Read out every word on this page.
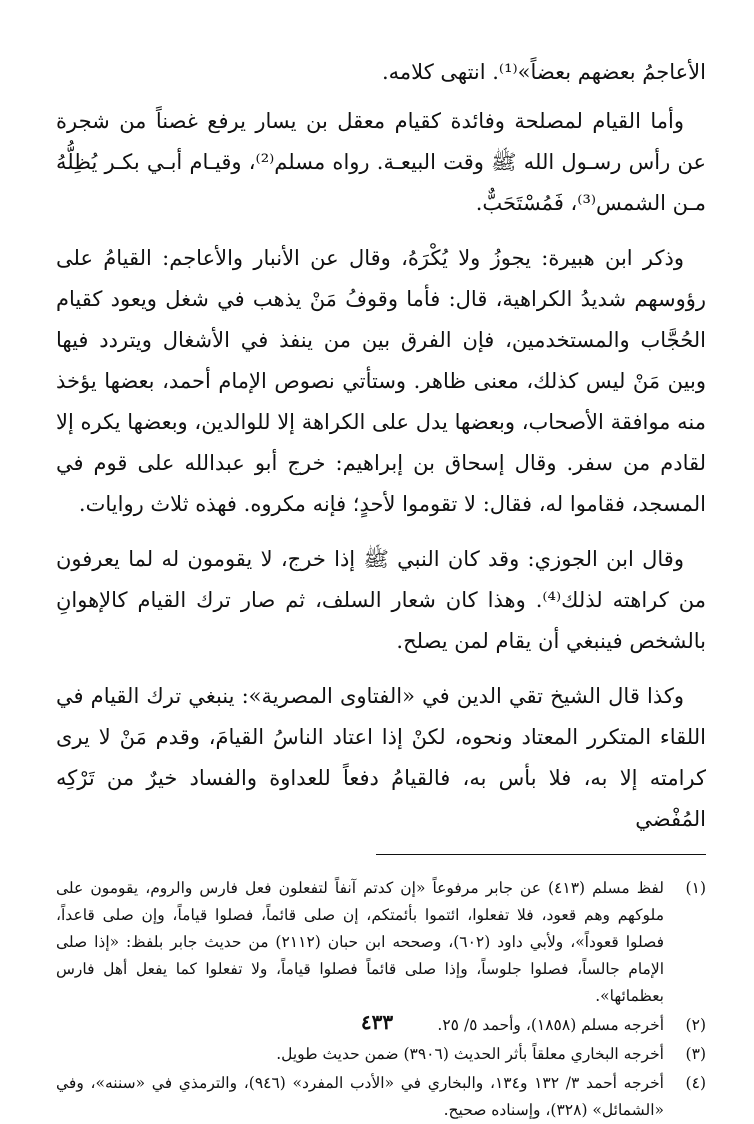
الأعاجمُ بعضهم بعضاً»⁽¹⁾. انتهى كلامه.

وأما القيام لمصلحة وفائدة كقيام معقل بن يسار يرفع غصناً من شجرة عن رأس رسـول الله ﷺ وقت البيعـة. رواه مسلم⁽²⁾، وقيـام أبـي بكـر يُظِلُّهُ مـن الشمس⁽³⁾، فَمُسْتَحَبٌّ.

وذكر ابن هبيرة: يجوزُ ولا يُكْرَهُ، وقال عن الأنبار والأعاجم: القيامُ على رؤوسهم شديدُ الكراهية، قال: فأما وقوفُ مَنْ يذهب في شغل ويعود كقيام الحُجَّاب والمستخدمين، فإن الفرق بين من ينفذ في الأشغال ويتردد فيها وبين مَنْ ليس كذلك، معنى ظاهر. وستأتي نصوص الإمام أحمد، بعضها يؤخذ منه موافقة الأصحاب، وبعضها يدل على الكراهة إلا للوالدين، وبعضها يكره إلا لقادم من سفر. وقال إسحاق بن إبراهيم: خرج أبو عبدالله على قوم في المسجد، فقاموا له، فقال: لا تقوموا لأحدٍ؛ فإنه مكروه. فهذه ثلاث روايات.

وقال ابن الجوزي: وقد كان النبي ﷺ إذا خرج، لا يقومون له لما يعرفون من كراهته لذلك⁽⁴⁾. وهذا كان شعار السلف، ثم صار ترك القيام كالإهوانِ بالشخص فينبغي أن يقام لمن يصلح.

وكذا قال الشيخ تقي الدين في «الفتاوى المصرية»: ينبغي ترك القيام في اللقاء المتكرر المعتاد ونحوه، لكنْ إذا اعتاد الناسُ القيامَ، وقدم مَنْ لا يرى كرامته إلا به، فلا بأس به، فالقيامُ دفعاً للعداوة والفساد خيرٌ من تَرْكِه المُفْضي

(١)
لفظ مسلم (٤١٣) عن جابر مرفوعاً «إن كدتم آنفاً لتفعلون فعل فارس والروم، يقومون على ملوكهم وهم قعود، فلا تفعلوا، ائتموا بأئمتكم، إن صلى قائماً، فصلوا قياماً، وإن صلى قاعداً، فصلوا قعوداً»، ولأبي داود (٦٠٢)، وصححه ابن حبان (٢١١٢) من حديث جابر بلفظ: «إذا صلى الإمام جالساً، فصلوا جلوساً، وإذا صلى قائماً فصلوا قياماً، ولا تفعلوا كما يفعل أهل فارس بعظمائها».
(٢)
أخرجه مسلم (١٨٥٨)، وأحمد ٥/ ٢٥.
(٣)
أخرجه البخاري معلقاً بأثر الحديث (٣٩٠٦) ضمن حديث طويل.
(٤)
أخرجه أحمد ٣/ ١٣٢ و١٣٤، والبخاري في «الأدب المفرد» (٩٤٦)، والترمذي في «سننه»، وفي «الشمائل» (٣٢٨)، وإسناده صحيح.
٤٣٣
